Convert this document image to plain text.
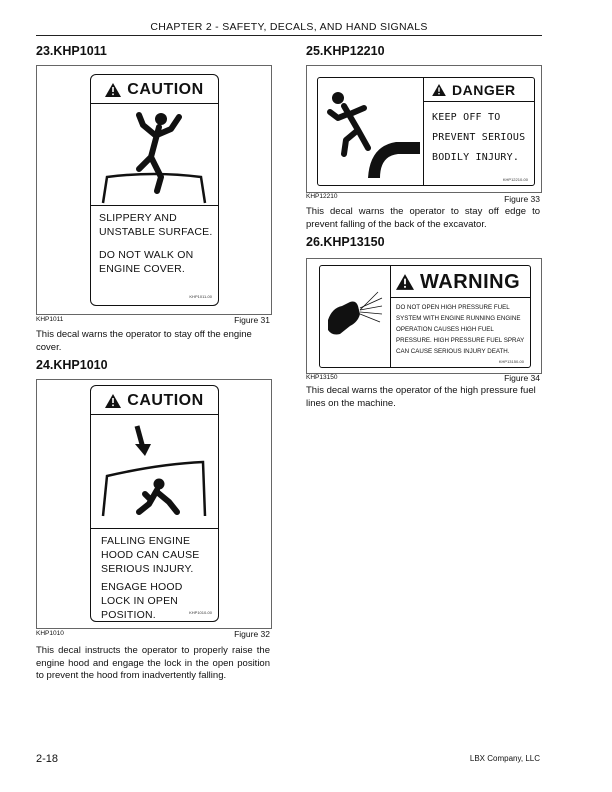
CHAPTER 2 - SAFETY, DECALS, AND HAND SIGNALS
23.KHP1011
CAUTION
SLIPPERY AND
UNSTABLE SURFACE.
DO NOT WALK ON
ENGINE COVER.
KHP1011-00
KHP1011	Figure 31
This decal warns the operator to stay off the engine cover.
24.KHP1010
CAUTION
FALLING ENGINE
HOOD CAN CAUSE
SERIOUS INJURY.
ENGAGE HOOD
LOCK IN OPEN
POSITION.	KHP1010-00
KHP1010	Figure 32
This decal instructs the operator to properly raise the engine hood and engage the lock in the open position to prevent the hood from inadvertently falling.
25.KHP12210
DANGER
KEEP OFF TO
PREVENT SERIOUS
BODILY INJURY.
KHP12210-00
KHP12210	Figure 33
This decal warns the operator to stay off edge to prevent falling of the back of the excavator.
26.KHP13150
WARNING
DO NOT OPEN HIGH PRESSURE FUEL
SYSTEM WITH ENGINE RUNNING ENGINE
OPERATION CAUSES HIGH FUEL
PRESSURE. HIGH PRESSURE FUEL SPRAY
CAN CAUSE SERIOUS INJURY DEATH.
KHP13150-00
KHP13150	Figure 34
This decal warns the operator of the high pressure fuel lines on the machine.
2-18	LBX Company, LLC
